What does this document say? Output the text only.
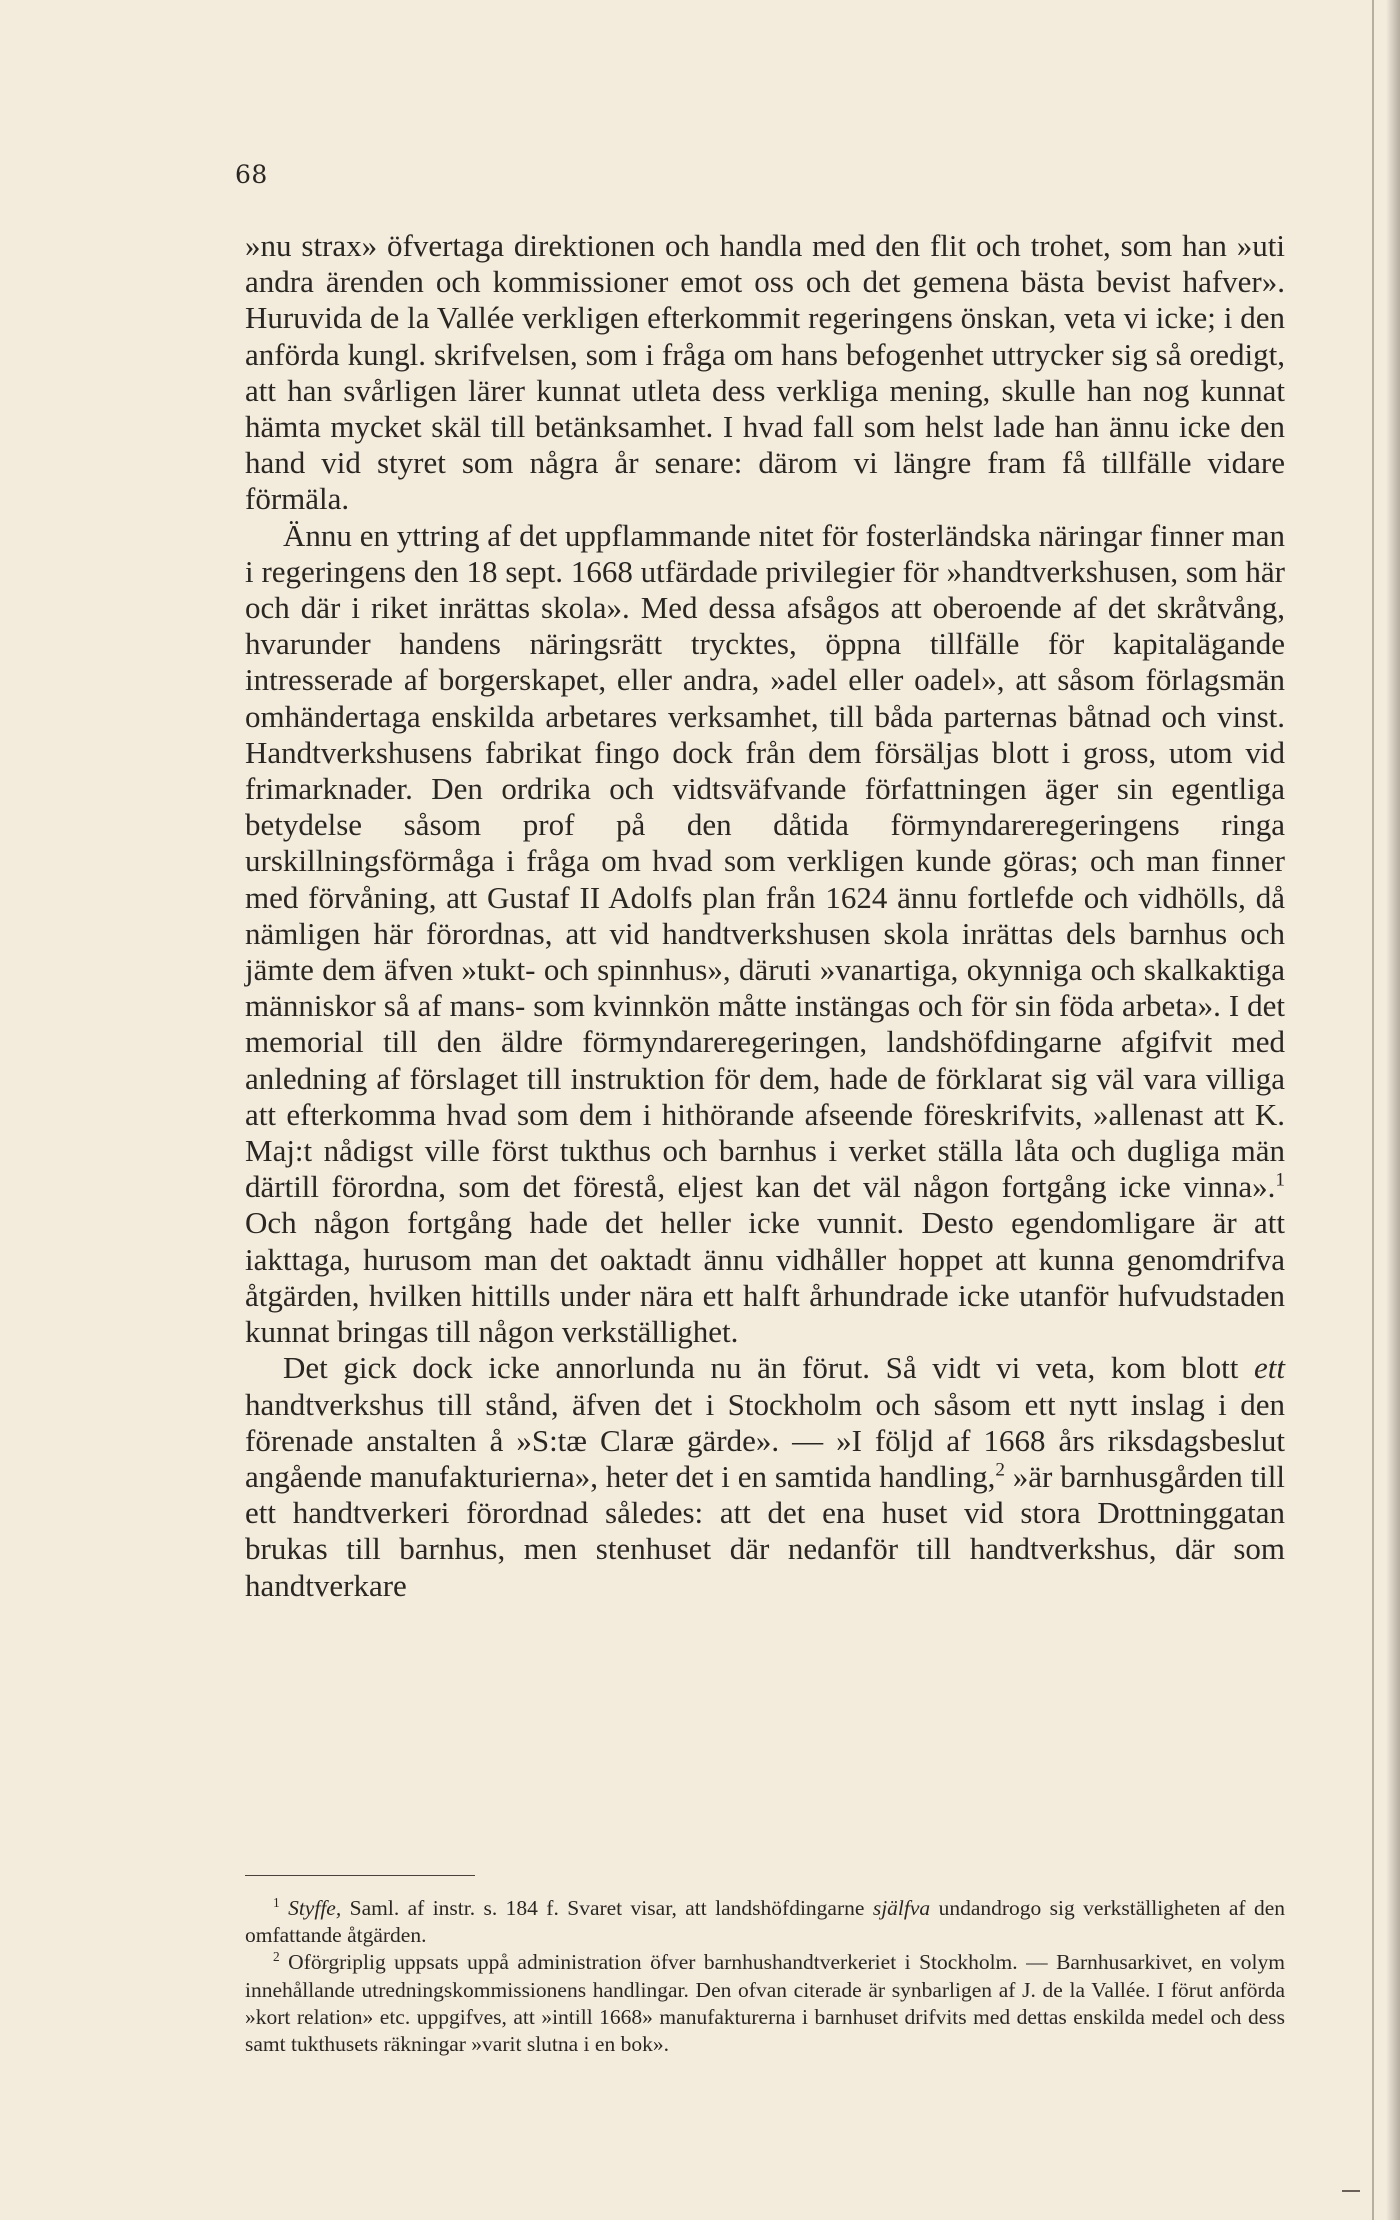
68

»nu strax» öfvertaga direktionen och handla med den flit och trohet, som han »uti andra ärenden och kommissioner emot oss och det gemena bästa bevist hafver». Huruvida de la Vallée verkligen efterkommit regeringens önskan, veta vi icke; i den anförda kungl. skrifvelsen, som i fråga om hans befogenhet uttrycker sig så oredigt, att han svårligen lärer kunnat utleta dess verkliga mening, skulle han nog kunnat hämta mycket skäl till betänksamhet. I hvad fall som helst lade han ännu icke den hand vid styret som några år senare: därom vi längre fram få tillfälle vidare förmäla.

Ännu en yttring af det uppflammande nitet för fosterländska näringar finner man i regeringens den 18 sept. 1668 utfärdade privilegier för »handtverkshusen, som här och där i riket inrättas skola». Med dessa afsågos att oberoende af det skråtvång, hvarunder handens näringsrätt trycktes, öppna tillfälle för kapitalägande intresserade af borgerskapet, eller andra, »adel eller oadel», att såsom förlagsmän omhändertaga enskilda arbetares verksamhet, till båda parternas båtnad och vinst. Handtverkshusens fabrikat fingo dock från dem försäljas blott i gross, utom vid frimarknader. Den ordrika och vidtsväfvande författningen äger sin egentliga betydelse såsom prof på den dåtida förmyndareregeringens ringa urskillningsförmåga i fråga om hvad som verkligen kunde göras; och man finner med förvåning, att Gustaf II Adolfs plan från 1624 ännu fortlefde och vidhölls, då nämligen här förordnas, att vid handtverkshusen skola inrättas dels barnhus och jämte dem äfven »tukt- och spinnhus», däruti »vanartiga, okynniga och skalkaktiga människor så af mans- som kvinnkön måtte instängas och för sin föda arbeta». I det memorial till den äldre förmyndareregeringen, landshöfdingarne afgifvit med anledning af förslaget till instruktion för dem, hade de förklarat sig väl vara villiga att efterkomma hvad som dem i hithörande afseende föreskrifvits, »allenast att K. Maj:t nådigst ville först tukthus och barnhus i verket ställa låta och dugliga män därtill förordna, som det förestå, eljest kan det väl någon fortgång icke vinna».$^1$ Och någon fortgång hade det heller icke vunnit. Desto egendomligare är att iakttaga, hurusom man det oaktadt ännu vidhåller hoppet att kunna genomdrifva åtgärden, hvilken hittills under nära ett halft århundrade icke utanför hufvudstaden kunnat bringas till någon verkställighet.

Det gick dock icke annorlunda nu än förut. Så vidt vi veta, kom blott ett handtverkshus till stånd, äfven det i Stockholm och såsom ett nytt inslag i den förenade anstalten å »S:tæ Claræ gärde». — »I följd af 1668 års riksdagsbeslut angående manufakturierna», heter det i en samtida handling,$^2$ »är barnhusgården till ett handtverkeri förordnad således: att det ena huset vid stora Drottninggatan brukas till barnhus, men stenhuset där nedanför till handtverkshus, där som handtverkare

$^1$ Styffe, Saml. af instr. s. 184 f. Svaret visar, att landshöfdingarne själfva undandrogo sig verkställigheten af den omfattande åtgärden.

$^2$ Oförgriplig uppsats uppå administration öfver barnhushandtverkeriet i Stockholm. — Barnhusarkivet, en volym innehållande utredningskommissionens handlingar. Den ofvan citerade är synbarligen af J. de la Vallée. I förut anförda »kort relation» etc. uppgifves, att »intill 1668» manufakturerna i barnhuset drifvits med dettas enskilda medel och dess samt tukthusets räkningar »varit slutna i en bok».
